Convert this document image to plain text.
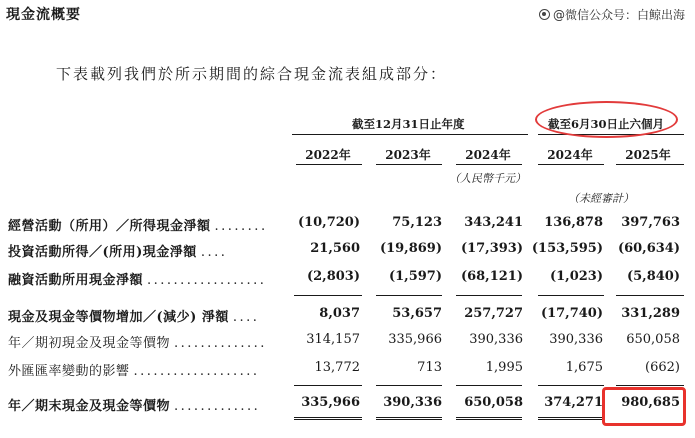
現金流概要	@微信公众号：白鲸出海
下表載列我們於所示期間的綜合現金流表組成部分：
截至12月31日止年度	截至6月30日止六個月
2022年	2023年	2024年	2024年	2025年
（人民幣千元）
（未經審計）
經營活動（所用）／所得現金淨額 ........	(10,720)	75,123	343,241	136,878	397,763
投資活動所得／(所用)現金淨額 ....	21,560	(19,869)	(17,393) (153,595)	(60,634)
融資活動所用現金淨額 ..................	(2,803)	(1,597)	(68,121)	(1,023)	(5,840)
現金及現金等價物增加／(減少) 淨額 ....	8,037	53,657	257,727	(17,740)	331,289
年／期初現金及現金等價物 ..............	314,157	335,966	390,336	390,336	650,058
外匯匯率變動的影響 ...................	13,772	713	1,995	1,675	(662)
年／期末現金及現金等價物 .............	335,966	390,336	650,058	374,271	980,685
